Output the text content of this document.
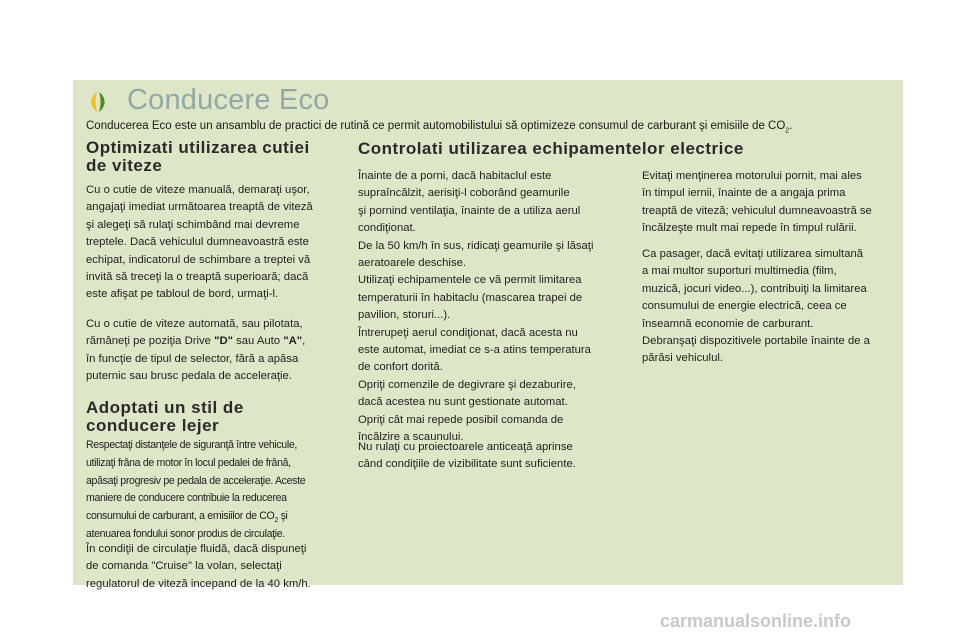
Conducere Eco
Conducerea Eco este un ansamblu de practici de rutină ce permit automobilistului să optimizeze consumul de carburant şi emisiile de $CO_2$.
Optimizati utilizarea cutiei
de viteze
Cu o cutie de viteze manuală, demaraţi uşor,
angajaţi imediat următoarea treaptă de viteză
şi alegeţi să rulaţi schimbând mai devreme
treptele. Dacă vehiculul dumneavoastră este
echipat, indicatorul de schimbare a treptei vă
invită să treceţi la o treaptă superioară; dacă
este afişat pe tabloul de bord, urmaţi-l.
Cu o cutie de viteze automată, sau pilotata,
rămâneţi pe poziţia Drive "D" sau Auto "A",
în funcţie de tipul de selector, fără a apăsa
puternic sau brusc pedala de acceleraţie.
Adoptati un stil de
conducere lejer
Respectaţi distanţele de siguranţă între vehicule,
utilizaţi frâna de motor în locul pedalei de frână,
apăsaţi progresiv pe pedala de acceleraţie. Aceste
maniere de conducere contribuie la reducerea
consumului de carburant, a emisiilor de $CO_2$ şi
atenuarea fondului sonor produs de circulaţie.
În condiţii de circulaţie fluidă, dacă dispuneţi
de comanda "Cruise" la volan, selectaţi
regulatorul de viteză incepand de la 40 km/h.
Controlati utilizarea echipamentelor electrice
Înainte de a porni, dacă habitaclul este
supraîncălzit, aerisiţi-l coborând geamurile
şi pornind ventilaţia, înainte de a utiliza aerul
condiţionat.
De la 50 km/h în sus, ridicaţi geamurile şi lăsaţi
aeratoarele deschise.
Utilizaţi echipamentele ce vă permit limitarea
temperaturii în habitaclu (mascarea trapei de
pavilion, storuri...).
Întrerupeţi aerul condiţionat, dacă acesta nu
este automat, imediat ce s-a atins temperatura
de confort dorită.
Opriţi comenzile de degivrare şi dezaburire,
dacă acestea nu sunt gestionate automat.
Opriţi cât mai repede posibil comanda de
încălzire a scaunului.
Nu rulaţi cu proiectoarele anticeaţă aprinse
când condiţiile de vizibilitate sunt suficiente.
Evitaţi menţinerea motorului pornit, mai ales
în timpul iernii, înainte de a angaja prima
treaptă de viteză; vehiculul dumneavoastră se
încălzeşte mult mai repede în timpul rulării.
Ca pasager, dacă evitaţi utilizarea simultană
a mai multor suporturi multimedia (film,
muzică, jocuri video...), contribuiţi la limitarea
consumului de energie electrică, ceea ce
înseamnă economie de carburant.
Debranşaţi dispozitivele portabile înainte de a
părăsi vehiculul.
carmanualsonline.info
